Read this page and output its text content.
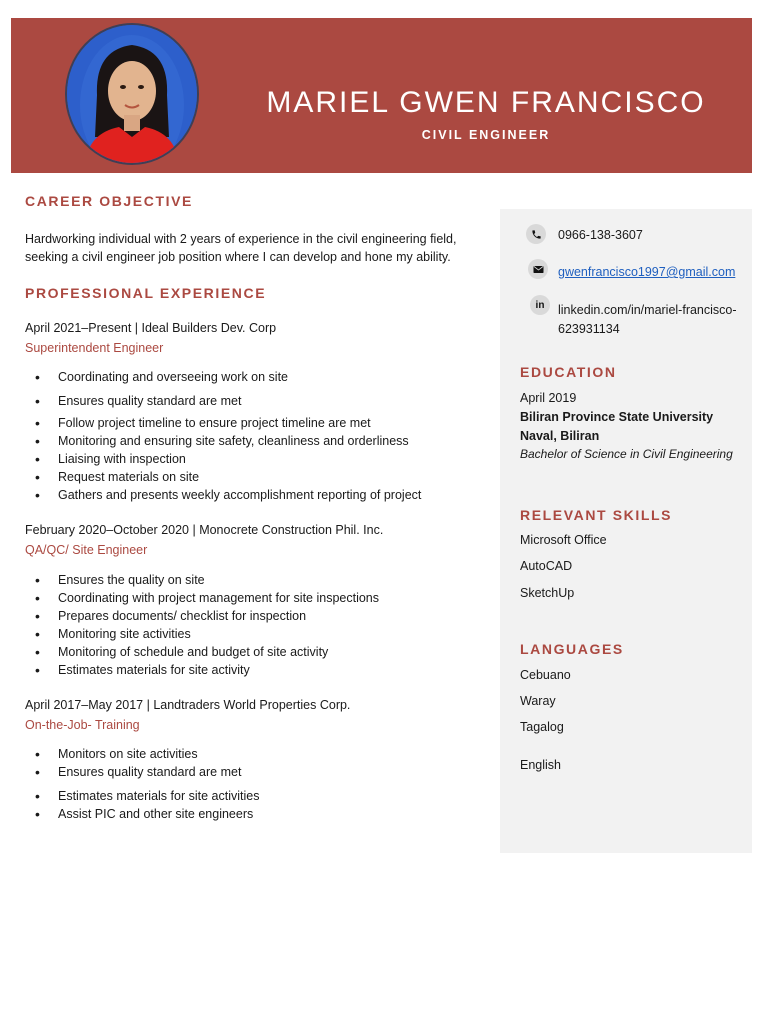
MARIEL GWEN FRANCISCO
CIVIL ENGINEER
CAREER OBJECTIVE
Hardworking individual with 2 years of experience in the civil engineering field,
seeking a civil engineer job position where I can develop and hone my ability.
PROFESSIONAL EXPERIENCE
April 2021–Present | Ideal Builders Dev. Corp
Superintendent Engineer
• Coordinating and overseeing work on site
• Ensures quality standard are met
• Follow project timeline to ensure project timeline are met
• Monitoring and ensuring site safety, cleanliness and orderliness
• Liaising with inspection
• Request materials on site
• Gathers and presents weekly accomplishment reporting of project
February 2020–October 2020 | Monocrete Construction Phil. Inc.
QA/QC/ Site Engineer
• Ensures the quality on site
• Coordinating with project management for site inspections
• Prepares documents/ checklist for inspection
• Monitoring site activities
• Monitoring of schedule and budget of site activity
• Estimates materials for site activity
April 2017–May 2017 | Landtraders World Properties Corp.
On-the-Job- Training
• Monitors on site activities
• Ensures quality standard are met
• Estimates materials for site activities
• Assist PIC and other site engineers
0966-138-3607
gwenfrancisco1997@gmail.com
in linkedin.com/in/mariel-francisco-
623931134
EDUCATION
April 2019
Biliran Province State University
Naval, Biliran
Bachelor of Science in Civil Engineering
RELEVANT SKILLS
Microsoft Office
AutoCAD
SketchUp
LANGUAGES
Cebuano
Waray
Tagalog
English
